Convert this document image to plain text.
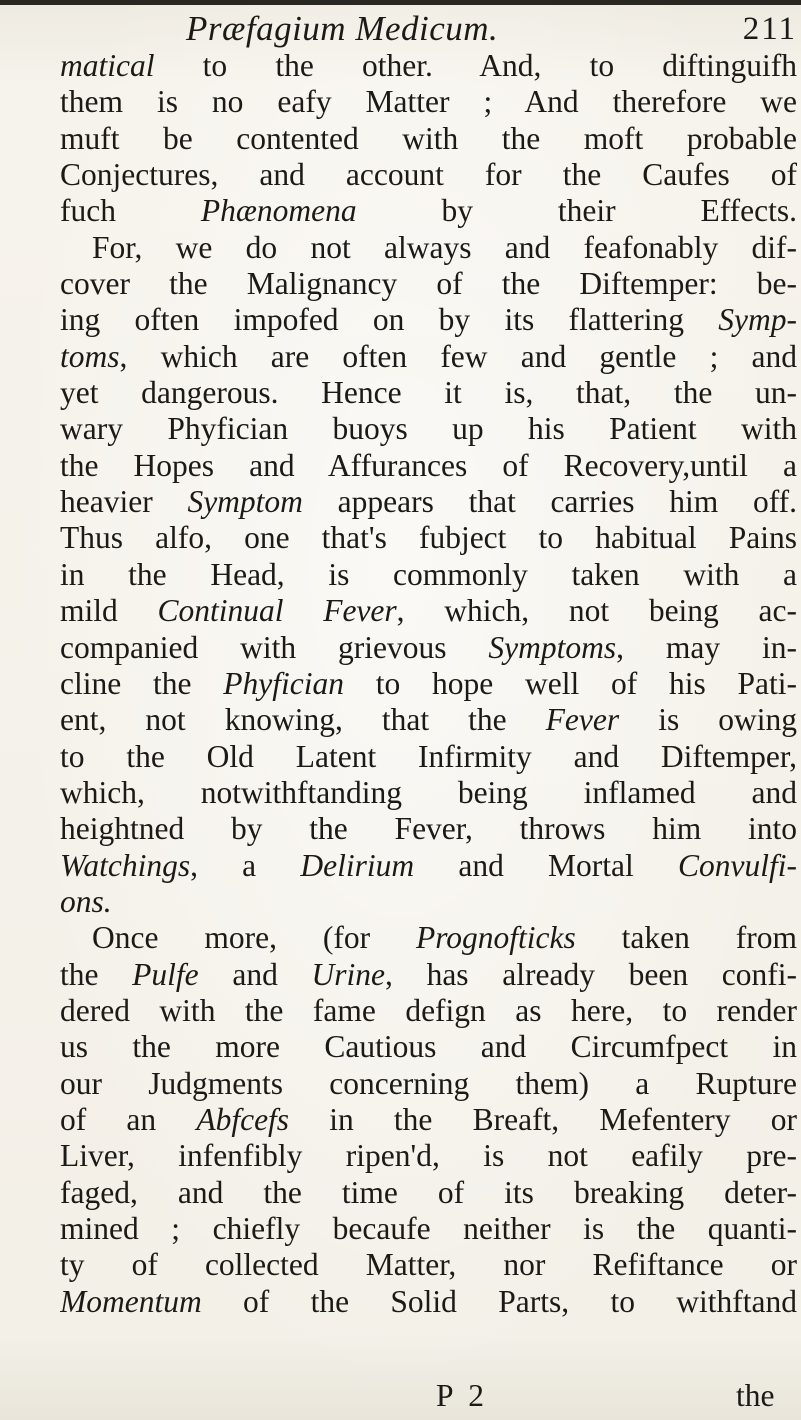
Præfagium Medicum.	211
matical to the other. And, to diftinguifh
them is no eafy Matter ; And therefore we
muft be contented with the moft probable
Conjectures, and account for the Caufes of
fuch Phænomena by their Effects.
For, we do not always and feafonably dif-
cover the Malignancy of the Diftemper: be-
ing often impofed on by its flattering Symp-
toms, which are often few and gentle ; and
yet dangerous. Hence it is, that, the un-
wary Phyfician buoys up his Patient with
the Hopes and Affurances of Recovery,until a
heavier Symptom appears that carries him off.
Thus alfo, one that's fubject to habitual Pains
in the Head, is commonly taken with a
mild Continual Fever, which, not being ac-
companied with grievous Symptoms, may in-
cline the Phyfician to hope well of his Pati-
ent, not knowing, that the Fever is owing
to the Old Latent Infirmity and Diftemper,
which, notwithftanding being inflamed and
heightned by the Fever, throws him into
Watchings, a Delirium and Mortal Convulfi-
ons.
Once more, (for Prognofticks taken from
the Pulfe and Urine, has already been confi-
dered with the fame defign as here, to render
us the more Cautious and Circumfpect in
our Judgments concerning them) a Rupture
of an Abfcefs in the Breaft, Mefentery or
Liver, infenfibly ripen'd, is not eafily pre-
faged, and the time of its breaking deter-
mined ; chiefly becaufe neither is the quanti-
ty of collected Matter, nor Refiftance or
Momentum of the Solid Parts, to withftand
P 2	the
